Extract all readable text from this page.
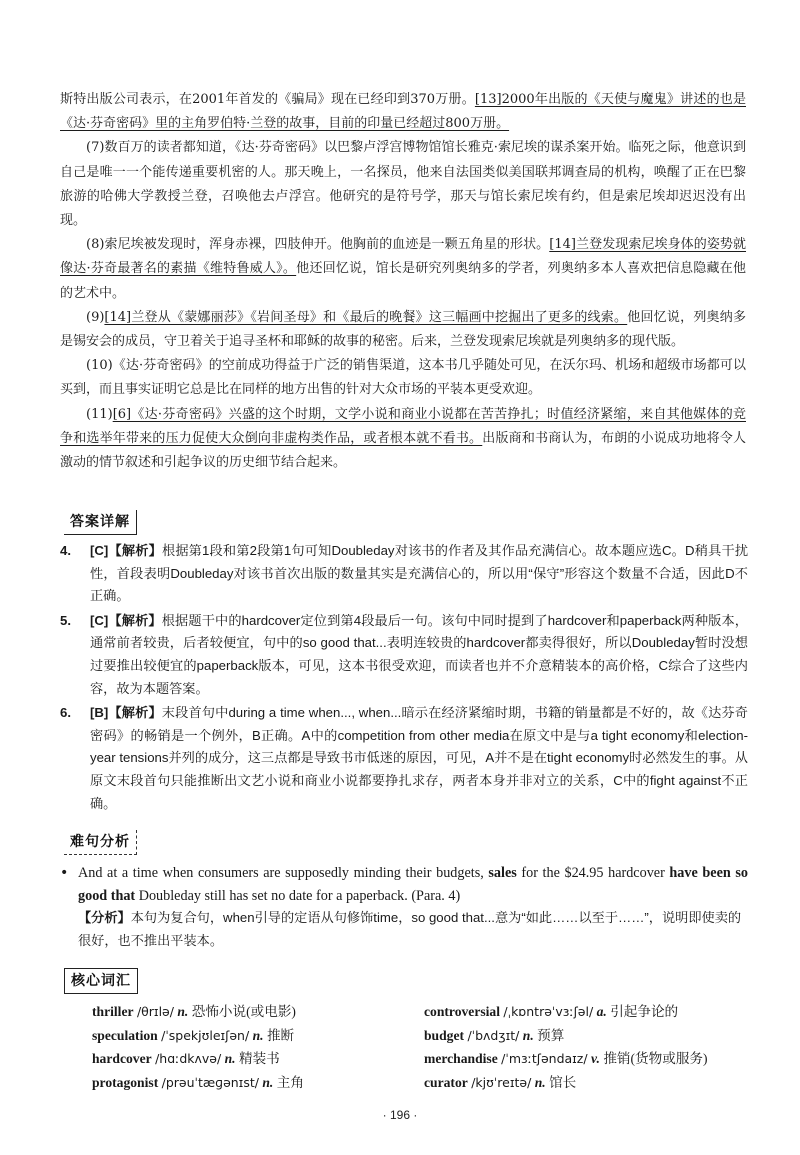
斯特出版公司表示，在2001年首发的《骗局》现在已经印到370万册。[13]2000年出版的《天使与魔鬼》讲述的也是《达·芬奇密码》里的主角罗伯特·兰登的故事，目前的印量已经超过800万册。

(7)数百万的读者都知道，《达·芬奇密码》以巴黎卢浮宫博物馆馆长雅克·索尼埃的谋杀案开始。临死之际，他意识到自己是唯一一个能传递重要机密的人。那天晚上，一名探员，他来自法国类似美国联邦调查局的机构，唤醒了正在巴黎旅游的哈佛大学教授兰登，召唤他去卢浮宫。他研究的是符号学，那天与馆长索尼埃有约，但是索尼埃却迟迟没有出现。

(8)索尼埃被发现时，浑身赤裸，四肢伸开。他胸前的血迹是一颗五角星的形状。[14]兰登发现索尼埃身体的姿势就像达·芬奇最著名的素描《维特鲁威人》。他还回忆说，馆长是研究列奥纳多的学者，列奥纳多本人喜欢把信息隐藏在他的艺术中。

(9)[14]兰登从《蒙娜丽莎》《岩间圣母》和《最后的晚餐》这三幅画中挖掘出了更多的线索。他回忆说，列奥纳多是锡安会的成员，守卫着关于追寻圣杯和耶稣的故事的秘密。后来，兰登发现索尼埃就是列奥纳多的现代版。

(10)《达·芬奇密码》的空前成功得益于广泛的销售渠道，这本书几乎随处可见，在沃尔玛、机场和超级市场都可以买到，而且事实证明它总是比在同样的地方出售的针对大众市场的平装本更受欢迎。

(11)[6]《达·芬奇密码》兴盛的这个时期，文学小说和商业小说都在苦苦挣扎；时值经济紧缩，来自其他媒体的竞争和选举年带来的压力促使大众倒向非虚构类作品，或者根本就不看书。出版商和书商认为，布朗的小说成功地将令人激动的情节叙述和引起争议的历史细节结合起来。

答案详解
4. [C]【解析】根据第1段和第2段第1句可知Doubleday对该书的作者及其作品充满信心。故本题应选C。D稍具干扰性，首段表明Doubleday对该书首次出版的数量其实是充满信心的，所以用“保守”形容这个数量不合适，因此D不正确。
5. [C]【解析】根据题干中的hardcover定位到第4段最后一句。该句中同时提到了hardcover和paperback两种版本，通常前者较贵，后者较便宜，句中的so good that...表明连较贵的hardcover都卖得很好，所以Doubleday暂时没想过要推出较便宜的paperback版本，可见，这本书很受欢迎，而读者也并不介意精装本的高价格，C综合了这些内容，故为本题答案。
6. [B]【解析】末段首句中during a time when..., when...暗示在经济紧缩时期，书籍的销量都是不好的，故《达芬奇密码》的畅销是一个例外，B正确。A中的competition from other media在原文中是与a tight economy和election-year tensions并列的成分，这三点都是导致书市低迷的原因，可见，A并不是在tight economy时必然发生的事。从原文末段首句只能推断出文艺小说和商业小说都要挣扎求存，两者本身并非对立的关系，C中的fight against不正确。
难句分析
• And at a time when consumers are supposedly minding their budgets, sales for the $24.95 hardcover have been so good that Doubleday still has set no date for a paperback. (Para. 4)
【分析】本句为复合句，when引导的定语从句修饰time，so good that...意为“如此……以至于……”，说明即使卖的很好，也不推出平装本。
核心词汇
thriller /θrɪlə/ n. 恐怖小说(或电影)
speculation /ˈspekjʊleɪʃən/ n. 推断
hardcover /hɑːdkʌvə/ n. 精装书
protagonist /prəuˈtæɡənɪst/ n. 主角
controversial /ˌkɒntrəˈvɜːʃəl/ a. 引起争论的
budget /ˈbʌdʒɪt/ n. 预算
merchandise /ˈmɜːtʃəndaɪz/ v. 推销(货物或服务)
curator /kjʊˈreɪtə/ n. 馆长
· 196 ·
